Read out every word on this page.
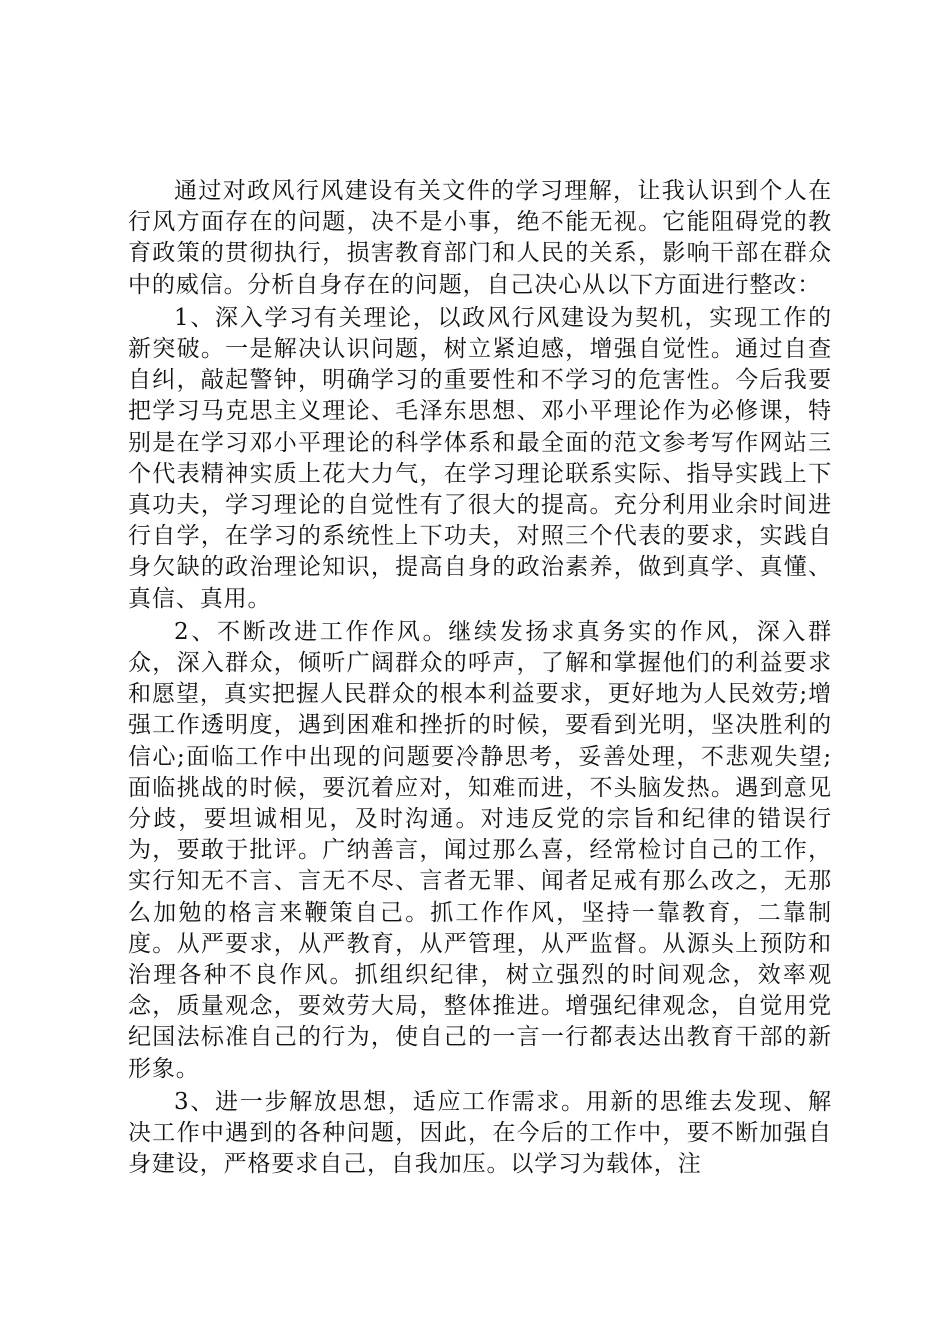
通过对政风行风建设有关文件的学习理解，让我认识到个人在行风方面存在的问题，决不是小事，绝不能无视。它能阻碍党的教育政策的贯彻执行，损害教育部门和人民的关系，影响干部在群众中的威信。分析自身存在的问题，自己决心从以下方面进行整改：

1、深入学习有关理论，以政风行风建设为契机，实现工作的新突破。一是解决认识问题，树立紧迫感，增强自觉性。通过自查自纠，敲起警钟，明确学习的重要性和不学习的危害性。今后我要把学习马克思主义理论、毛泽东思想、邓小平理论作为必修课，特别是在学习邓小平理论的科学体系和最全面的范文参考写作网站三个代表精神实质上花大力气，在学习理论联系实际、指导实践上下真功夫，学习理论的自觉性有了很大的提高。充分利用业余时间进行自学，在学习的系统性上下功夫，对照三个代表的要求，实践自身欠缺的政治理论知识，提高自身的政治素养，做到真学、真懂、真信、真用。

2、不断改进工作作风。继续发扬求真务实的作风，深入群众，深入群众，倾听广阔群众的呼声，了解和掌握他们的利益要求和愿望，真实把握人民群众的根本利益要求，更好地为人民效劳;增强工作透明度，遇到困难和挫折的时候，要看到光明，坚决胜利的信心;面临工作中出现的问题要冷静思考，妥善处理，不悲观失望;面临挑战的时候，要沉着应对，知难而进，不头脑发热。遇到意见分歧，要坦诚相见，及时沟通。对违反党的宗旨和纪律的错误行为，要敢于批评。广纳善言，闻过那么喜，经常检讨自己的工作，实行知无不言、言无不尽、言者无罪、闻者足戒有那么改之，无那么加勉的格言来鞭策自己。抓工作作风，坚持一靠教育，二靠制度。从严要求，从严教育，从严管理，从严监督。从源头上预防和治理各种不良作风。抓组织纪律，树立强烈的时间观念，效率观念，质量观念，要效劳大局，整体推进。增强纪律观念，自觉用党纪国法标准自己的行为，使自己的一言一行都表达出教育干部的新形象。

3、进一步解放思想，适应工作需求。用新的思维去发现、解决工作中遇到的各种问题，因此，在今后的工作中，要不断加强自身建设，严格要求自己，自我加压。以学习为载体，注
